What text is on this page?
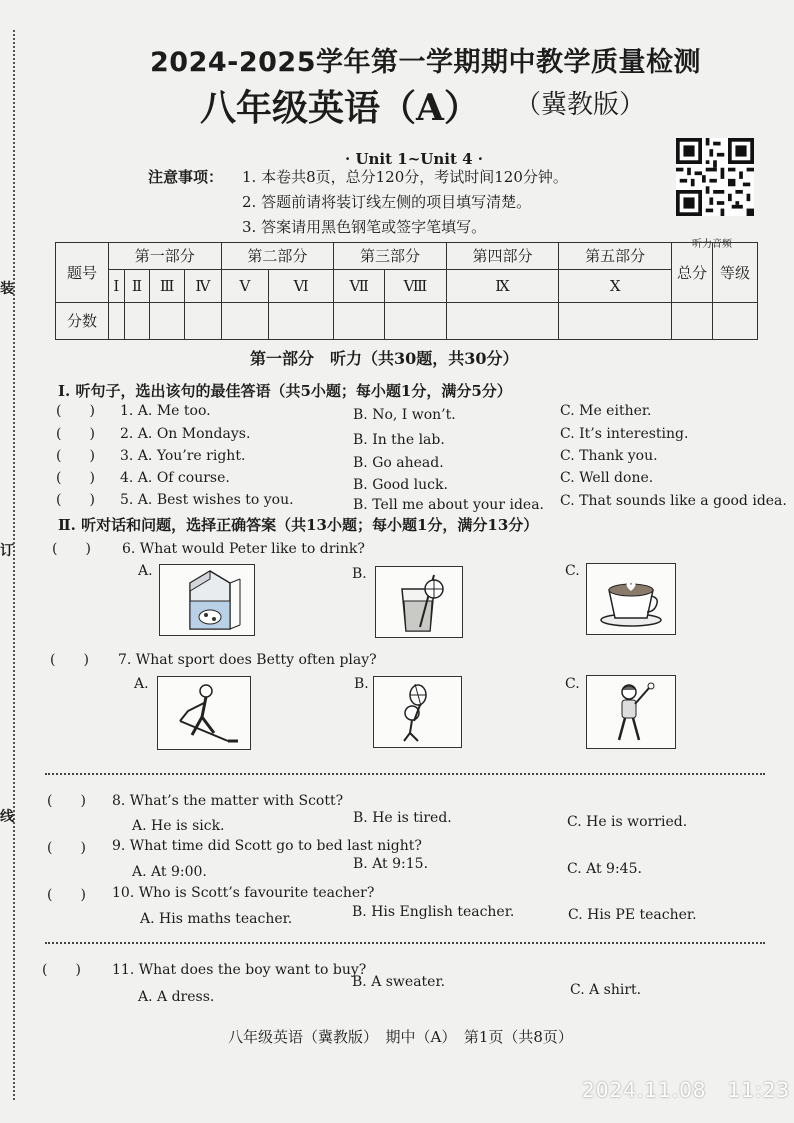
装
订
线
2024-2025学年第一学期期中教学质量检测
八年级英语（A） （冀教版）
· Unit 1~Unit 4 ·
注意事项： 1. 本卷共8页，总分120分，考试时间120分钟。
2. 答题前请将装订线左侧的项目填写清楚。
3. 答案请用黑色钢笔或签字笔填写。
听力音频
题号	第一部分				第二部分		第三部分		第四部分	第五部分	总分	等级
	I	Ⅱ	Ⅲ	Ⅳ	V	Ⅵ	Ⅶ	Ⅷ	Ⅸ	X		
分数												
第一部分　听力（共30题，共30分）
Ⅰ. 听句子，选出该句的最佳答语（共5小题；每小题1分，满分5分）
(  ) 1. A. Me too.	B. No, I won’t.	C. Me either.
(  ) 2. A. On Mondays.	B. In the lab.	C. It’s interesting.
(  ) 3. A. You’re right.	B. Go ahead.	C. Thank you.
(  ) 4. A. Of course.	B. Good luck.	C. Well done.
(  ) 5. A. Best wishes to you.	B. Tell me about your idea. C. That sounds like a good idea.
Ⅱ. 听对话和问题，选择正确答案（共13小题；每小题1分，满分13分）
(  ) 6. What would Peter like to drink?
A.	B.	C.
(  ) 7. What sport does Betty often play?
A.	B.	C.
(  ) 8. What’s the matter with Scott?
A. He is sick.	B. He is tired.	C. He is worried.
(  ) 9. What time did Scott go to bed last night?
A. At 9:00.	B. At 9:15.	C. At 9:45.
(  ) 10. Who is Scott’s favourite teacher?
A. His maths teacher.	B. His English teacher.	C. His PE teacher.
(  ) 11. What does the boy want to buy?
A. A dress.
B. A sweater.	C. A shirt.
八年级英语（冀教版）　期中（A）　第1页（共8页）
2024.11.08　11:23
